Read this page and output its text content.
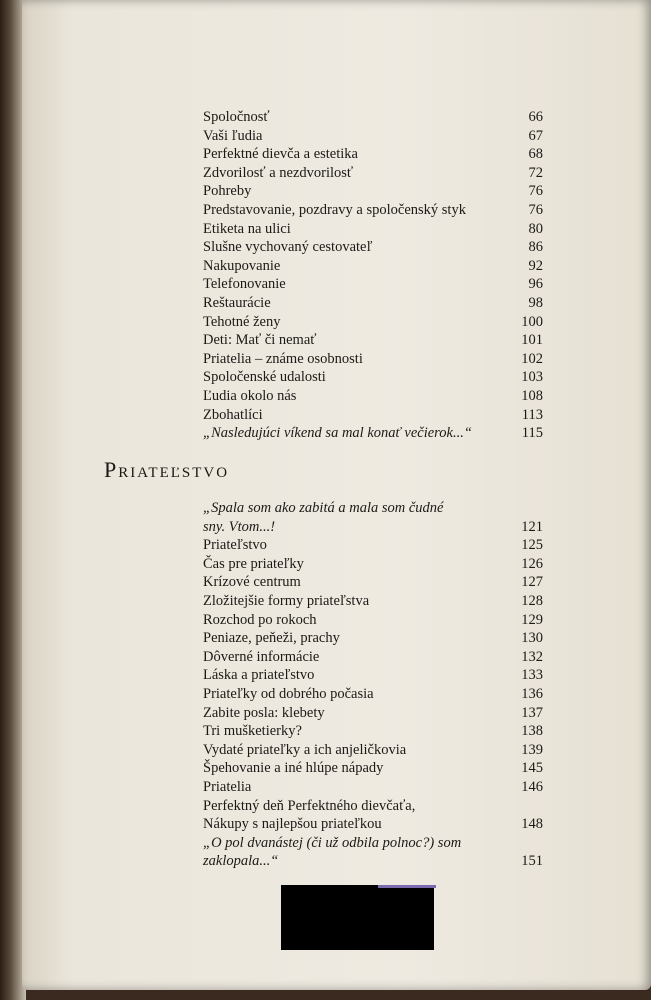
Spoločnosť	66
Vaši ľudia	67
Perfektné dievča a estetika	68
Zdvorilosť a nezdvorilosť	72
Pohreby	76
Predstavovanie, pozdravy a spoločenský styk	76
Etiketa na ulici	80
Slušne vychovaný cestovateľ	86
Nakupovanie	92
Telefonovanie	96
Reštaurácie	98
Tehotné ženy	100
Deti: Mať či nemať	101
Priatelia – známe osobnosti	102
Spoločenské udalosti	103
Ľudia okolo nás	108
Zbohatlíci	113
„Nasledujúci víkend sa mal konať večierok...“	115
Priateľstvo
„Spala som ako zabitá a mala som čudné
sny. Vtom...!	121
Priateľstvo	125
Čas pre priateľky	126
Krízové centrum	127
Zložitejšie formy priateľstva	128
Rozchod po rokoch	129
Peniaze, peňeži, prachy	130
Dôverné informácie	132
Láska a priateľstvo	133
Priateľky od dobrého počasia	136
Zabite posla: klebety	137
Tri mušketierky?	138
Vydaté priateľky a ich anjeličkovia	139
Špehovanie a iné hlúpe nápady	145
Priatelia	146
Perfektný deň Perfektného dievčaťa,
Nákupy s najlepšou priateľkou	148
„O pol dvanástej (či už odbila polnoc?) som
zaklopala...“	151
